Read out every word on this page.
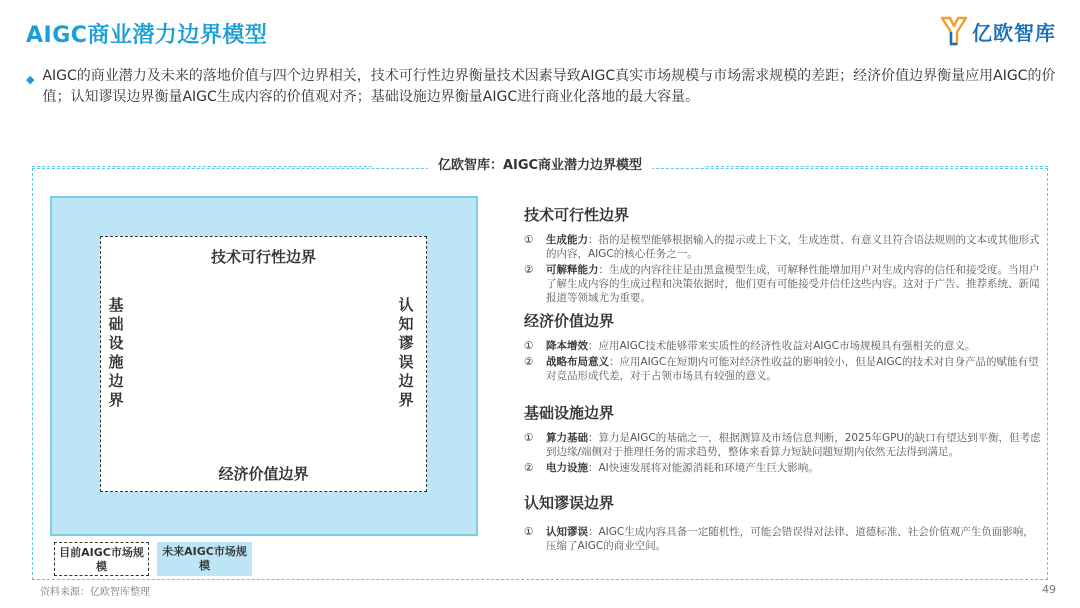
AIGC商业潜力边界模型	亿欧智库
◆ AIGC的商业潜力及未来的落地价值与四个边界相关，技术可行性边界衡量技术因素导致AIGC真实市场规模与市场需求规模的差距；经济价值边界衡量应用AIGC的价值；认知谬误边界衡量AIGC生成内容的价值观对齐；基础设施边界衡量AIGC进行商业化落地的最大容量。
亿欧智库：AIGC商业潜力边界模型
技术可行性边界
经济价值边界
基础设施边界
认知谬误边界
目前AIGC市场规模
未来AIGC市场规模
技术可行性边界
①	生成能力：指的是模型能够根据输入的提示或上下文，生成连贯、有意义且符合语法规则的文本或其他形式的内容，AIGC的核心任务之一。
②	可解释能力：生成的内容往往是由黑盒模型生成，可解释性能增加用户对生成内容的信任和接受度。当用户了解生成内容的生成过程和决策依据时，他们更有可能接受并信任这些内容。这对于广告、推荐系统、新闻报道等领域尤为重要。
经济价值边界
①	降本增效：应用AIGC技术能够带来实质性的经济性收益对AIGC市场规模具有强相关的意义。
②	战略布局意义：应用AIGC在短期内可能对经济性收益的影响较小，但是AIGC的技术对自身产品的赋能有望对竞品形成代差，对于占领市场具有较强的意义。
基础设施边界
①	算力基础：算力是AIGC的基础之一，根据测算及市场信息判断，2025年GPU的缺口有望达到平衡，但考虑到边缘/端侧对于推理任务的需求趋势，整体来看算力短缺问题短期内依然无法得到满足。
②	电力设施：AI快速发展将对能源消耗和环境产生巨大影响。
认知谬误边界
①	认知谬误：AIGC生成内容具备一定随机性，可能会错误得对法律、道德标准、社会价值观产生负面影响，压缩了AIGC的商业空间。
资料来源：亿欧智库整理	49
